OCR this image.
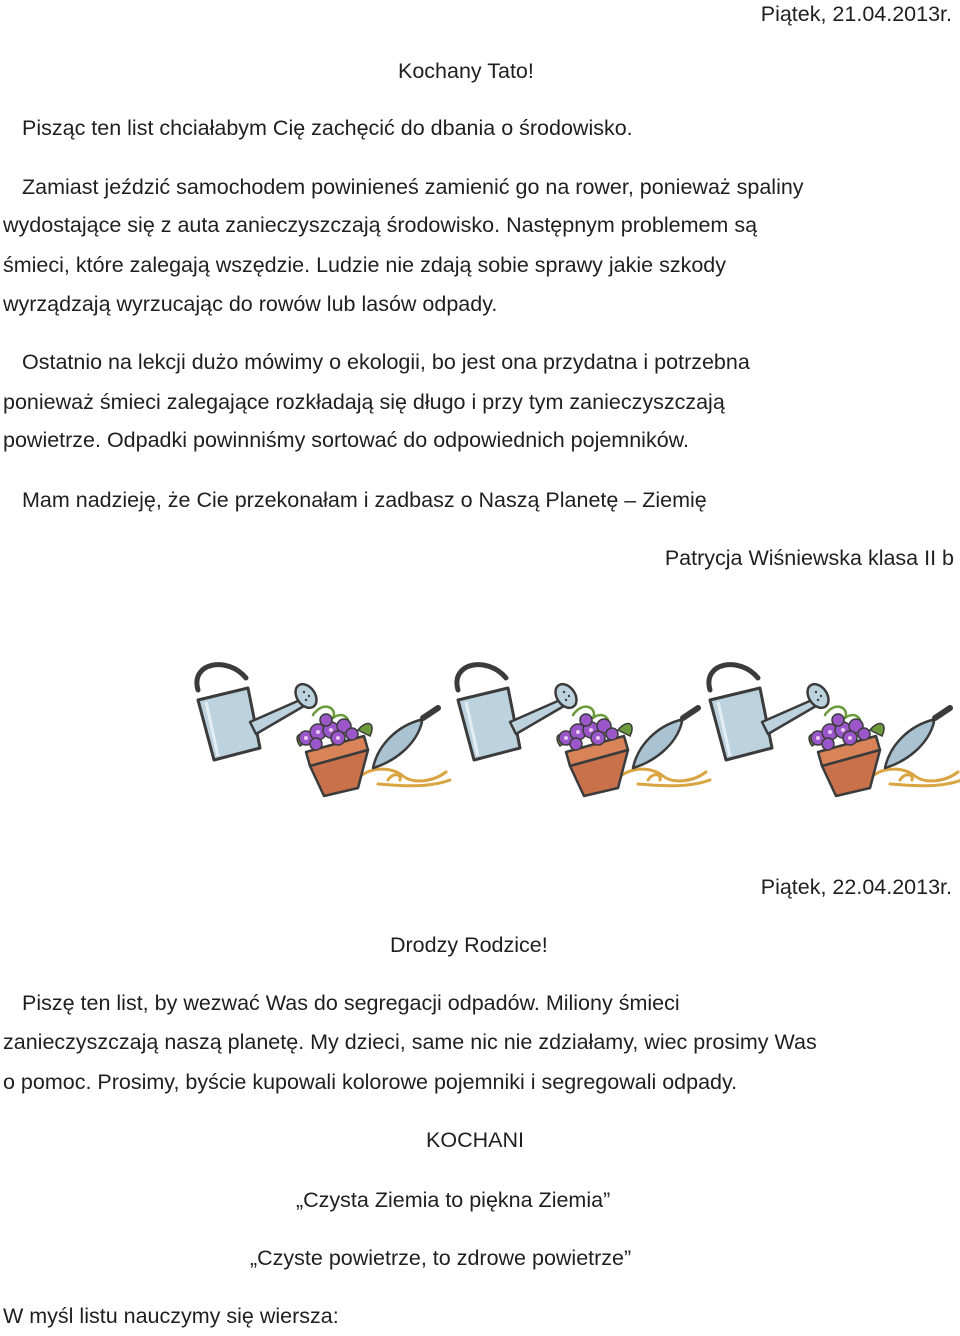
Piątek, 21.04.2013r.
Kochany Tato!
Pisząc ten list chciałabym Cię zachęcić do dbania o środowisko.
Zamiast jeździć samochodem powinieneś zamienić go na rower, ponieważ spaliny
wydostające się z auta zanieczyszczają środowisko. Następnym problemem są
śmieci, które zalegają wszędzie. Ludzie nie zdają sobie sprawy jakie szkody
wyrządzają wyrzucając do rowów lub lasów odpady.
Ostatnio na lekcji dużo mówimy o ekologii, bo jest ona przydatna i potrzebna
ponieważ śmieci zalegające rozkładają się długo i przy tym zanieczyszczają
powietrze. Odpadki powinniśmy sortować do odpowiednich pojemników.
Mam nadzieję, że Cie przekonałam i zadbasz o Naszą Planetę – Ziemię
Patrycja Wiśniewska klasa II b
Piątek, 22.04.2013r.
Drodzy Rodzice!
Piszę ten list, by wezwać Was do segregacji odpadów. Miliony śmieci
zanieczyszczają naszą planetę. My dzieci, same nic nie zdziałamy, wiec prosimy Was
o pomoc. Prosimy, byście kupowali kolorowe pojemniki i segregowali odpady.
KOCHANI
„Czysta Ziemia to piękna Ziemia”
„Czyste powietrze, to zdrowe powietrze”
W myśl listu nauczymy się wiersza:
